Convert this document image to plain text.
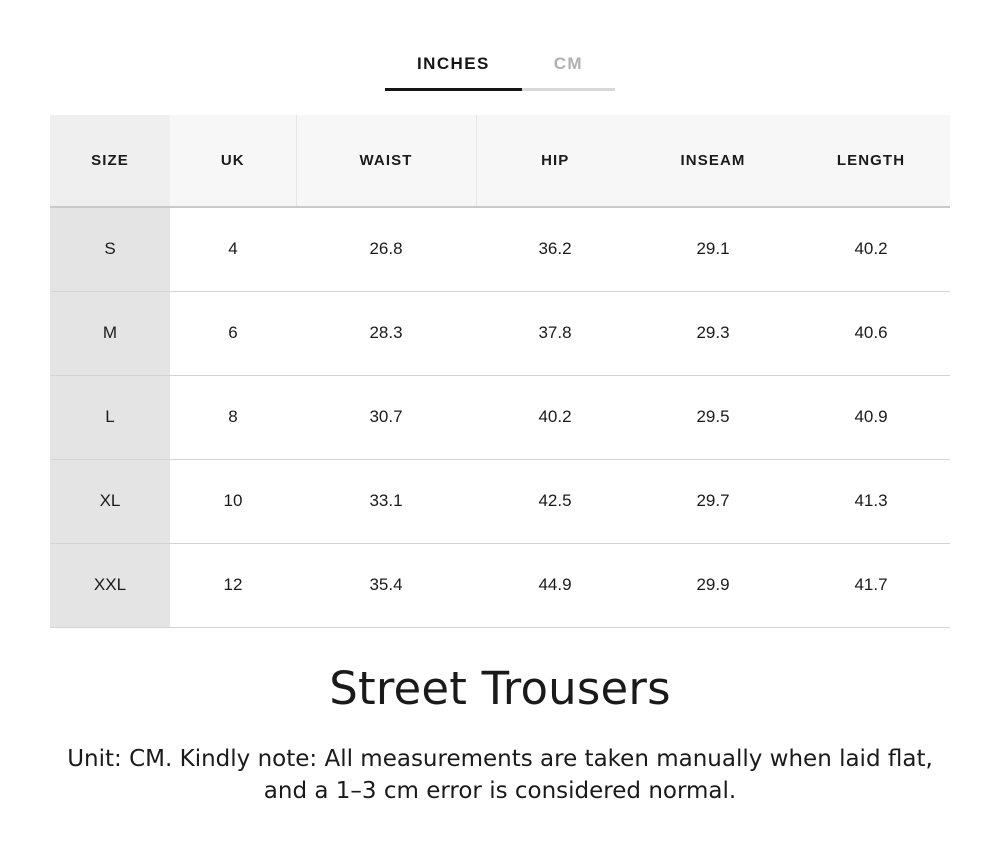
INCHES	CM
SIZE	UK	WAIST	HIP	INSEAM	LENGTH
S	4	26.8	36.2	29.1	40.2
M	6	28.3	37.8	29.3	40.6
L	8	30.7	40.2	29.5	40.9
XL	10	33.1	42.5	29.7	41.3
XXL	12	35.4	44.9	29.9	41.7
Street Trousers

Unit: CM. Kindly note: All measurements are taken manually when laid flat, and a 1–3 cm error is considered normal.
